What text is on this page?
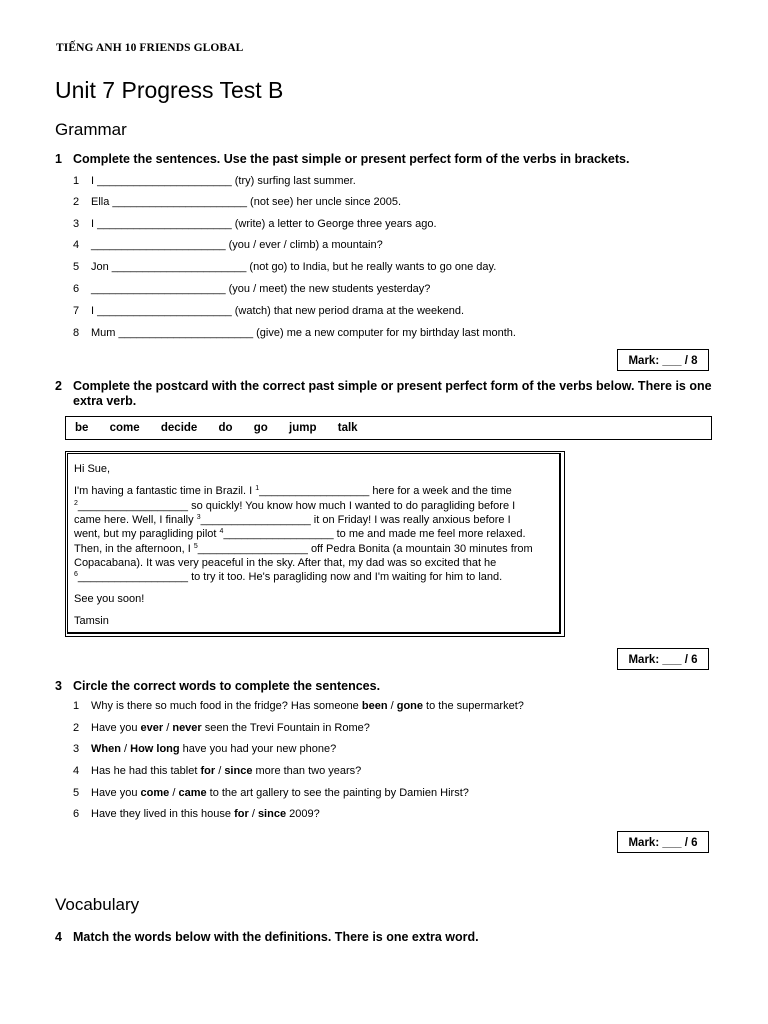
TIẾNG ANH 10 FRIENDS GLOBAL
Unit 7 Progress Test B
Grammar
1 Complete the sentences. Use the past simple or present perfect form of the verbs in brackets.
1 I ______________________ (try) surfing last summer.
2 Ella ______________________ (not see) her uncle since 2005.
3 I ______________________ (write) a letter to George three years ago.
4 ______________________ (you / ever / climb) a mountain?
5 Jon ______________________ (not go) to India, but he really wants to go one day.
6 ______________________ (you / meet) the new students yesterday?
7 I ______________________ (watch) that new period drama at the weekend.
8 Mum ______________________ (give) me a new computer for my birthday last month.
Mark: ___ / 8
2 Complete the postcard with the correct past simple or present perfect form of the verbs below. There is one extra verb.
be come decide do go jump talk
Hi Sue,
I'm having a fantastic time in Brazil. I $^1$__________________ here for a week and the time
$^2$__________________ so quickly! You know how much I wanted to do paragliding before I
came here. Well, I finally $^3$__________________ it on Friday! I was really anxious before I
went, but my paragliding pilot $^4$__________________ to me and made me feel more relaxed.
Then, in the afternoon, I $^5$__________________ off Pedra Bonita (a mountain 30 minutes from
Copacabana). It was very peaceful in the sky. After that, my dad was so excited that he
$^6$__________________ to try it too. He's paragliding now and I'm waiting for him to land.
See you soon!
Tamsin
Mark: ___ / 6
3 Circle the correct words to complete the sentences.
1 Why is there so much food in the fridge? Has someone been / gone to the supermarket?
2 Have you ever / never seen the Trevi Fountain in Rome?
3 When / How long have you had your new phone?
4 Has he had this tablet for / since more than two years?
5 Have you come / came to the art gallery to see the painting by Damien Hirst?
6 Have they lived in this house for / since 2009?
Mark: ___ / 6
Vocabulary
4 Match the words below with the definitions. There is one extra word.
